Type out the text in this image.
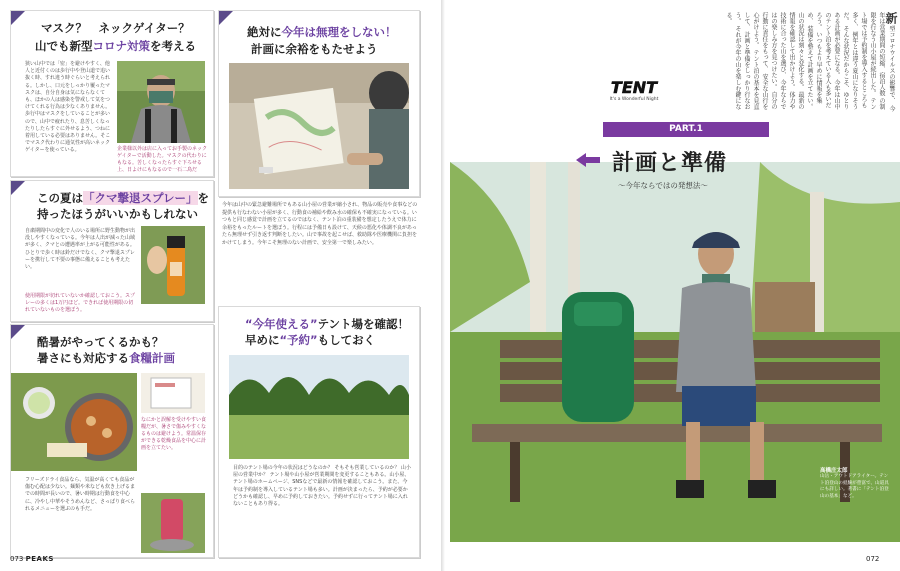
マスク？　ネックゲイター？
山でも新型コロナ対策を考える
狭い山中では「密」を避けやすく、他人と近付くのは歩行中や登山道で追い抜く時、すれ違う時ぐらいと考えられる。しかし、口元をしっかり覆ったマスクは、自分自身は気にならなくても、ほかの人は感染を警戒して気をつけてくれる行為は少なくありません。歩行中はマスクをしていることが多いので、山中で疲れたり、息苦しくなったりしたらすぐに外せるよう、つねに着用している必要はありません。そこでマスク代わりに通気性が高いネックゲイターを使っている。	企業様以外は店に入ってお手製のネックゲイターで活動した。マスクの代わりにもなる。苦しくなったらすぐ下ろせる上、日よけにもなるので一石二鳥だ
絶対に今年は無理をしない！
計画に余裕をもたせよう
今年は山中の緊急避難場所でもある山小屋の営業が縮小され、物品の販売や食事などの提供も行なわない小屋が多く、行動食の補給や飲み水の確保も不確実になっている。いつもと同じ感覚で計画を立てるのではなく、テント泊の重装備を想定したうえで体力に余裕をもったルートを選ぼう。行程には予備日も設けて、天候の悪化や体調不良があったら無理せず引き返す判断をしたい。山で事故を起こせば、救助隊や医療機関に負担をかけてしまう。今年こそ無理のない計画で、安全第一で楽しみたい。
この夏は「クマ撃退スプレー」を
持ったほうがいいかもしれない
自粛期間中の変化で人のいる場所に野生動物が出没しやすくなっている。今年は人出が減った山域が多く、クマとの遭遇率が上がる可能性がある。ひとりで歩く時は鈴だけでなく、クマ撃退スプレーを携行して不要の事態に備えることも考えたい。
使用期限が切れていないか確認しておこう。スプレーの多くは1万円ほど。できれば使用期限の切れていないものを選ぼう。
酷暑がやってくるかも？
暑さにも対応する食糧計画
なにかと誤解を受けやすい食糧だが、暑さで傷みやすくなるものは避けよう。常温保存ができる乾燥食品を中心に計画を立てたい。
フリーズドライ食品なら、気温が高くても食品が傷む心配は少ない。麺類や米なども炊き上げるまでの時間が長いので、暑い時期は行動食を中心に、冷やし中華やそうめんなど、さっぱり食べられるメニューを選ぶのも手だ。
“今年使える”テント場を確認！
早めに“予約”もしておく
目的のテント場の今年の状況はどうなのか？ そもそも営業しているのか？ 山小屋の営業中か？ テント場や山小屋が営業期間を変更することもある。山小屋、テント場のホームページ、SNSなどで最新の情報を確認しておこう。また、今年は予約制を導入しているテント場も多い。計画が決まったら、予約が必要かどうかも確認し、早めに予約しておきたい。予約せずに行ってテント場に入れないこともあり得る。
073 PEAKS
新 型コロナウイルスの影響で、 今年は営業期間の短縮、宿泊人数 の制限を行なう山小屋が続出した。 テント場では予約制を導入するところも多く、 例年とは違う夏山になりそうだ。 そんな状況だからこそ、ゆとりある計画が必要になる。 今年は山中のテント泊を考えている人も多いだろう。 いつもより早めに情報を集め、 装備を整えて計画を立てたい。 山の状況は刻々と変化する。 最新の情報を確認して出かけよう。 体力や技術に合った山を選び、 今年ならではの楽しみ方を見つけたい。 自分の行動に責任をもって、 安全な山行を心がけよう。 テント泊の基本を見直して、 計画と準備をしっかり行なおう。 それが今年の山を楽しむ鍵になる。
TENT
It's a Wonderful Night
PART.1
計画と準備
〜今年ならではの発想法〜
高橋庄太郎
山岳・アウトドアライター。テント泊登山の経験が豊富で、山道具にも詳しい。著書に「テント泊登山の基本」など。
072
